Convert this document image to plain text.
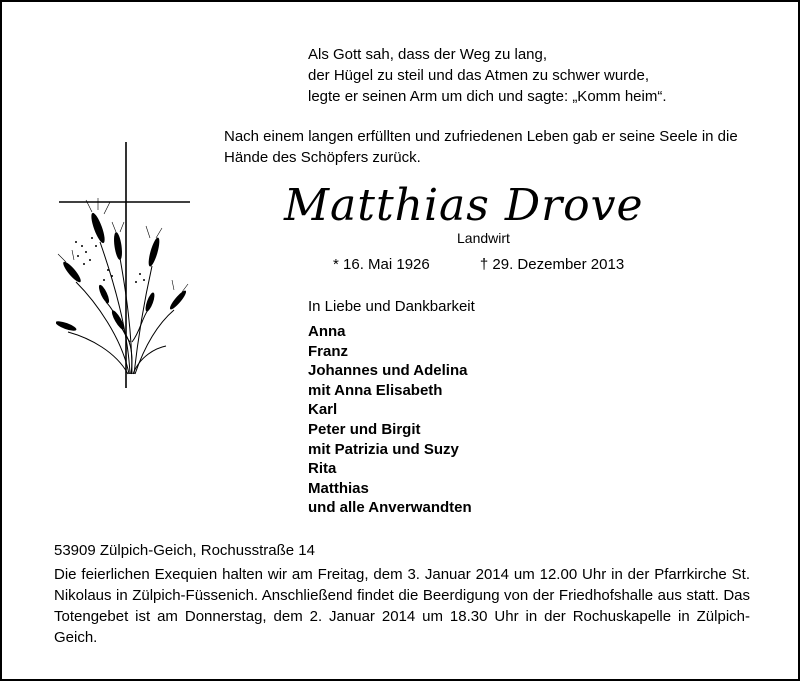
Als Gott sah, dass der Weg zu lang,
der Hügel zu steil und das Atmen zu schwer wurde,
legte er seinen Arm um dich und sagte: „Komm heim“.
Nach einem langen erfüllten und zufriedenen Leben gab er seine Seele in die Hände des Schöpfers zurück.
Matthias Drove
Landwirt
* 16. Mai 1926	† 29. Dezember 2013
In Liebe und Dankbarkeit
Anna
Franz
Johannes und Adelina
mit Anna Elisabeth
Karl
Peter und Birgit
mit Patrizia und Suzy
Rita
Matthias
und alle Anverwandten
53909 Zülpich-Geich, Rochusstraße 14
Die feierlichen Exequien halten wir am Freitag, dem 3. Januar 2014 um 12.00 Uhr in der Pfarrkirche St. Nikolaus in Zülpich-Füssenich. Anschließend findet die Beerdigung von der Friedhofshalle aus statt. Das Totengebet ist am Donnerstag, dem 2. Januar 2014 um 18.30 Uhr in der Rochuskapelle in Zülpich-Geich.
